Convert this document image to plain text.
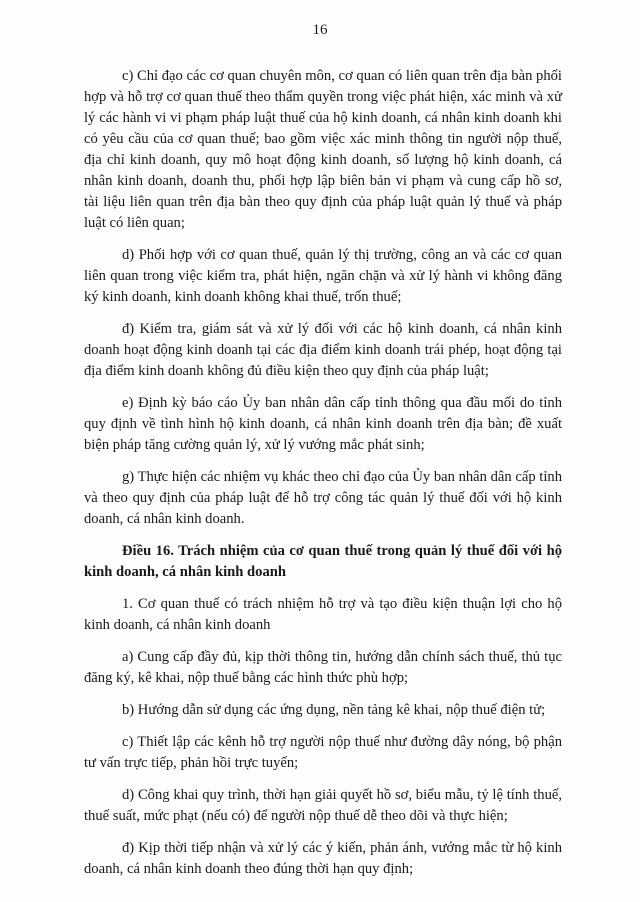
16

c) Chỉ đạo các cơ quan chuyên môn, cơ quan có liên quan trên địa bàn phối hợp và hỗ trợ cơ quan thuế theo thẩm quyền trong việc phát hiện, xác minh và xử lý các hành vi vi phạm pháp luật thuế của hộ kinh doanh, cá nhân kinh doanh khi có yêu cầu của cơ quan thuế; bao gồm việc xác minh thông tin người nộp thuế, địa chỉ kinh doanh, quy mô hoạt động kinh doanh, số lượng hộ kinh doanh, cá nhân kinh doanh, doanh thu, phối hợp lập biên bản vi phạm và cung cấp hồ sơ, tài liệu liên quan trên địa bàn theo quy định của pháp luật quản lý thuế và pháp luật có liên quan;

d) Phối hợp với cơ quan thuế, quản lý thị trường, công an và các cơ quan liên quan trong việc kiểm tra, phát hiện, ngăn chặn và xử lý hành vi không đăng ký kinh doanh, kinh doanh không khai thuế, trốn thuế;

đ) Kiểm tra, giám sát và xử lý đối với các hộ kinh doanh, cá nhân kinh doanh hoạt động kinh doanh tại các địa điểm kinh doanh trái phép, hoạt động tại địa điểm kinh doanh không đủ điều kiện theo quy định của pháp luật;

e) Định kỳ báo cáo Ủy ban nhân dân cấp tỉnh thông qua đầu mối do tỉnh quy định về tình hình hộ kinh doanh, cá nhân kinh doanh trên địa bàn; đề xuất biện pháp tăng cường quản lý, xử lý vướng mắc phát sinh;

g) Thực hiện các nhiệm vụ khác theo chỉ đạo của Ủy ban nhân dân cấp tỉnh và theo quy định của pháp luật để hỗ trợ công tác quản lý thuế đối với hộ kinh doanh, cá nhân kinh doanh.

Điều 16. Trách nhiệm của cơ quan thuế trong quản lý thuế đối với hộ kinh doanh, cá nhân kinh doanh

1. Cơ quan thuế có trách nhiệm hỗ trợ và tạo điều kiện thuận lợi cho hộ kinh doanh, cá nhân kinh doanh

a) Cung cấp đầy đủ, kịp thời thông tin, hướng dẫn chính sách thuế, thủ tục đăng ký, kê khai, nộp thuế bằng các hình thức phù hợp;

b) Hướng dẫn sử dụng các ứng dụng, nền tảng kê khai, nộp thuế điện tử;

c) Thiết lập các kênh hỗ trợ người nộp thuế như đường dây nóng, bộ phận tư vấn trực tiếp, phản hồi trực tuyến;

d) Công khai quy trình, thời hạn giải quyết hồ sơ, biểu mẫu, tỷ lệ tính thuế, thuế suất, mức phạt (nếu có) để người nộp thuế dễ theo dõi và thực hiện;

đ) Kịp thời tiếp nhận và xử lý các ý kiến, phản ánh, vướng mắc từ hộ kinh doanh, cá nhân kinh doanh theo đúng thời hạn quy định;
